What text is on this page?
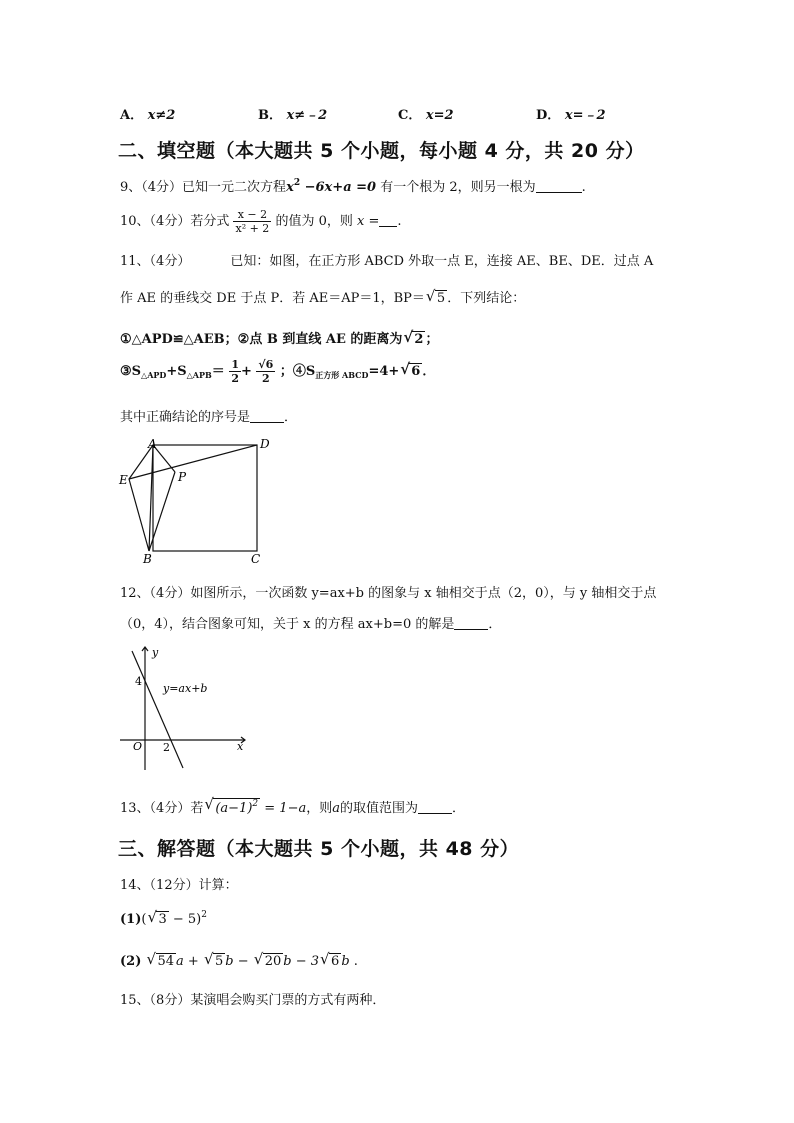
A． x≠2	B． x≠﹣2	C． x=2	D． x=﹣2
二、填空题（本大题共 5 个小题，每小题 4 分，共 20 分）
9、（4分）已知一元二次方程$x^2 -6x+a =0$ 有一个根为 2，则另一根为	.
10、（4分）若分式 $\frac{x - 2}{\text{x² + 2}}$ 的值为 0，则 x = .
11、（4分）	已知：如图，在正方形 ABCD 外取一点 E，连接 AE、BE、DE．过点 A
作 AE 的垂线交 DE 于点 P．若 AE＝AP＝1，BP＝√ 5 ．下列结论：
①△APD≌△AEB；②点 B 到直线 AE 的距离为√ 2 ；
$③S_{\triangle APD}+S_{\triangle APB}= \frac{1}{2} + \frac{√6}{2}$ ；$④S_{正方形 ABCD}=4+√$ 6 ．
其中正确结论的序号是	．
A	D
E	P
B	C
12、（4分）如图所示，一次函数 y=ax+b 的图象与 x 轴相交于点（2，0），与 y 轴相交于点
（0，4），结合图象可知，关于 x 的方程 ax+b=0 的解是	．
y
x
O
4
2
y=ax+b
13、（4分）若√ $(a-1)^2 = 1-a$，则a的取值范围为	．
三、解答题（本大题共 5 个小题，共 48 分）
14、（12分）计算：
(1)(√ 3 − 5)$^2$
(2) √ 54 a + √ 5 b − √ 20 b − 3√ 6 b .
15、（8分）某演唱会购买门票的方式有两种．
